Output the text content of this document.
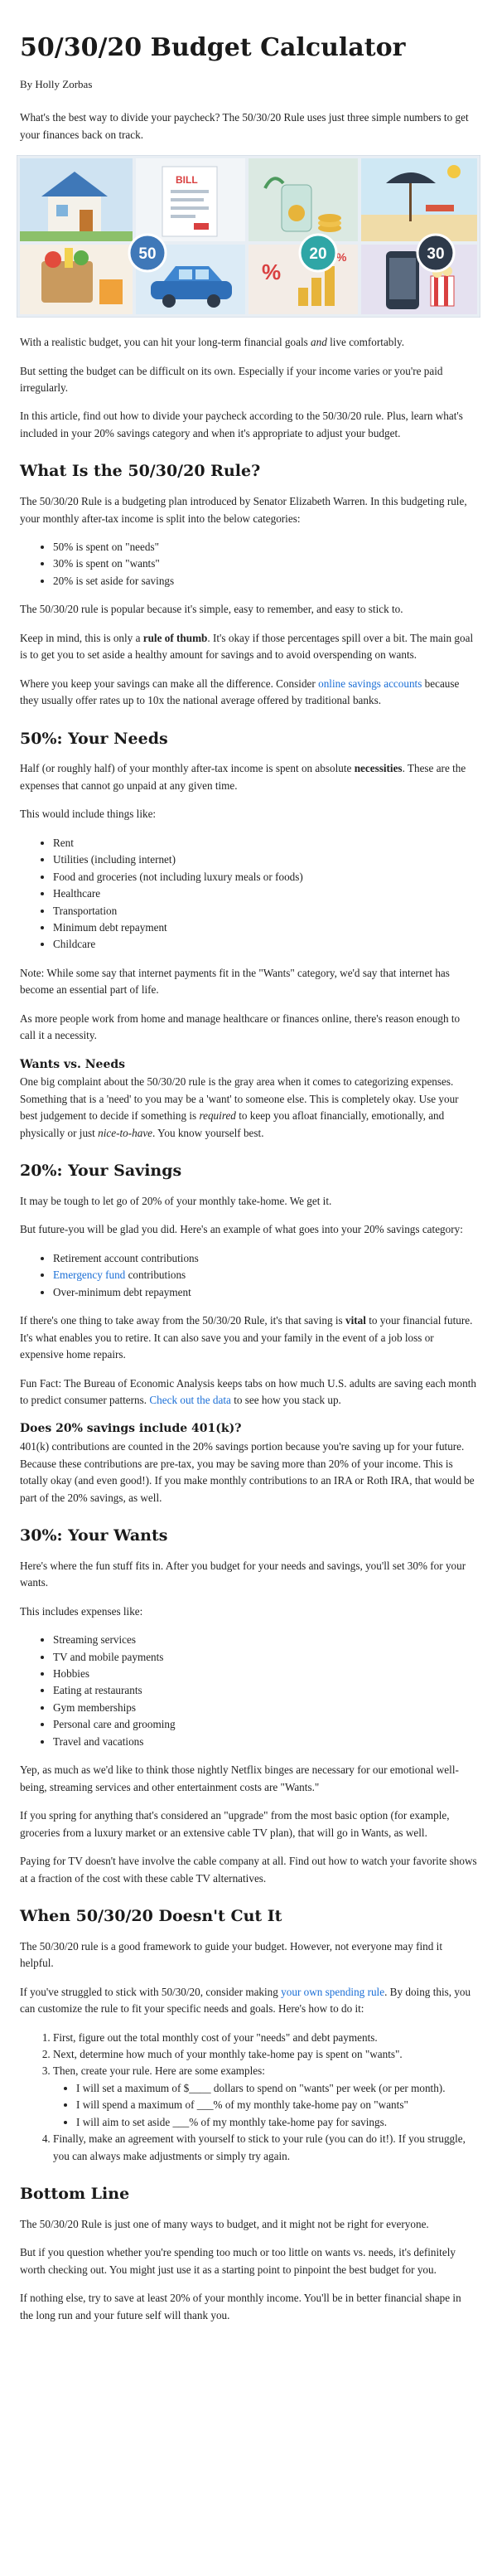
50/30/20 Budget Calculator
By Holly Zorbas

What's the best way to divide your paycheck? The 50/30/20 Rule uses just three simple numbers to get your finances back on track.

BILL
%
%
50	20	30

With a realistic budget, you can hit your long-term financial goals and live comfortably.

But setting the budget can be difficult on its own. Especially if your income varies or you're paid irregularly.

In this article, find out how to divide your paycheck according to the 50/30/20 rule. Plus, learn what's included in your 20% savings category and when it's appropriate to adjust your budget.

What Is the 50/30/20 Rule?

The 50/30/20 Rule is a budgeting plan introduced by Senator Elizabeth Warren. In this budgeting rule, your monthly after-tax income is split into the below categories:

• 50% is spent on "needs"
• 30% is spent on "wants"
• 20% is set aside for savings

The 50/30/20 rule is popular because it's simple, easy to remember, and easy to stick to.

Keep in mind, this is only a rule of thumb. It's okay if those percentages spill over a bit. The main goal is to get you to set aside a healthy amount for savings and to avoid overspending on wants.

Where you keep your savings can make all the difference. Consider online savings accounts because they usually offer rates up to 10x the national average offered by traditional banks.

50%: Your Needs

Half (or roughly half) of your monthly after-tax income is spent on absolute necessities. These are the expenses that cannot go unpaid at any given time.

This would include things like:

• Rent
• Utilities (including internet)
• Food and groceries (not including luxury meals or foods)
• Healthcare
• Transportation
• Minimum debt repayment
• Childcare

Note: While some say that internet payments fit in the "Wants" category, we'd say that internet has become an essential part of life.

As more people work from home and manage healthcare or finances online, there's reason enough to call it a necessity.

Wants vs. Needs

One big complaint about the 50/30/20 rule is the gray area when it comes to categorizing expenses. Something that is a 'need' to you may be a 'want' to someone else. This is completely okay. Use your best judgement to decide if something is required to keep you afloat financially, emotionally, and physically or just nice-to-have. You know yourself best.

20%: Your Savings

It may be tough to let go of 20% of your monthly take-home. We get it.

But future-you will be glad you did. Here's an example of what goes into your 20% savings category:

• Retirement account contributions
• Emergency fund contributions
• Over-minimum debt repayment

If there's one thing to take away from the 50/30/20 Rule, it's that saving is vital to your financial future. It's what enables you to retire. It can also save you and your family in the event of a job loss or expensive home repairs.

Fun Fact: The Bureau of Economic Analysis keeps tabs on how much U.S. adults are saving each month to predict consumer patterns. Check out the data to see how you stack up.

Does 20% savings include 401(k)?

401(k) contributions are counted in the 20% savings portion because you're saving up for your future. Because these contributions are pre-tax, you may be saving more than 20% of your income. This is totally okay (and even good!). If you make monthly contributions to an IRA or Roth IRA, that would be part of the 20% savings, as well.

30%: Your Wants

Here's where the fun stuff fits in. After you budget for your needs and savings, you'll set 30% for your wants.

This includes expenses like:

• Streaming services
• TV and mobile payments
• Hobbies
• Eating at restaurants
• Gym memberships
• Personal care and grooming
• Travel and vacations

Yep, as much as we'd like to think those nightly Netflix binges are necessary for our emotional well-being, streaming services and other entertainment costs are "Wants."

If you spring for anything that's considered an "upgrade" from the most basic option (for example, groceries from a luxury market or an extensive cable TV plan), that will go in Wants, as well.

Paying for TV doesn't have involve the cable company at all. Find out how to watch your favorite shows at a fraction of the cost with these cable TV alternatives.

When 50/30/20 Doesn't Cut It

The 50/30/20 rule is a good framework to guide your budget. However, not everyone may find it helpful.

If you've struggled to stick with 50/30/20, consider making your own spending rule. By doing this, you can customize the rule to fit your specific needs and goals. Here's how to do it:

1. First, figure out the total monthly cost of your "needs" and debt payments.
2. Next, determine how much of your monthly take-home pay is spent on "wants".
3. Then, create your rule. Here are some examples:
• I will set a maximum of $____ dollars to spend on "wants" per week (or per month).
• I will spend a maximum of ___% of my monthly take-home pay on "wants"
• I will aim to set aside ___% of my monthly take-home pay for savings.
4. Finally, make an agreement with yourself to stick to your rule (you can do it!). If you struggle, you can always make adjustments or simply try again.
Bottom Line

The 50/30/20 Rule is just one of many ways to budget, and it might not be right for everyone.

But if you question whether you're spending too much or too little on wants vs. needs, it's definitely worth checking out. You might just use it as a starting point to pinpoint the best budget for you.

If nothing else, try to save at least 20% of your monthly income. You'll be in better financial shape in the long run and your future self will thank you.
